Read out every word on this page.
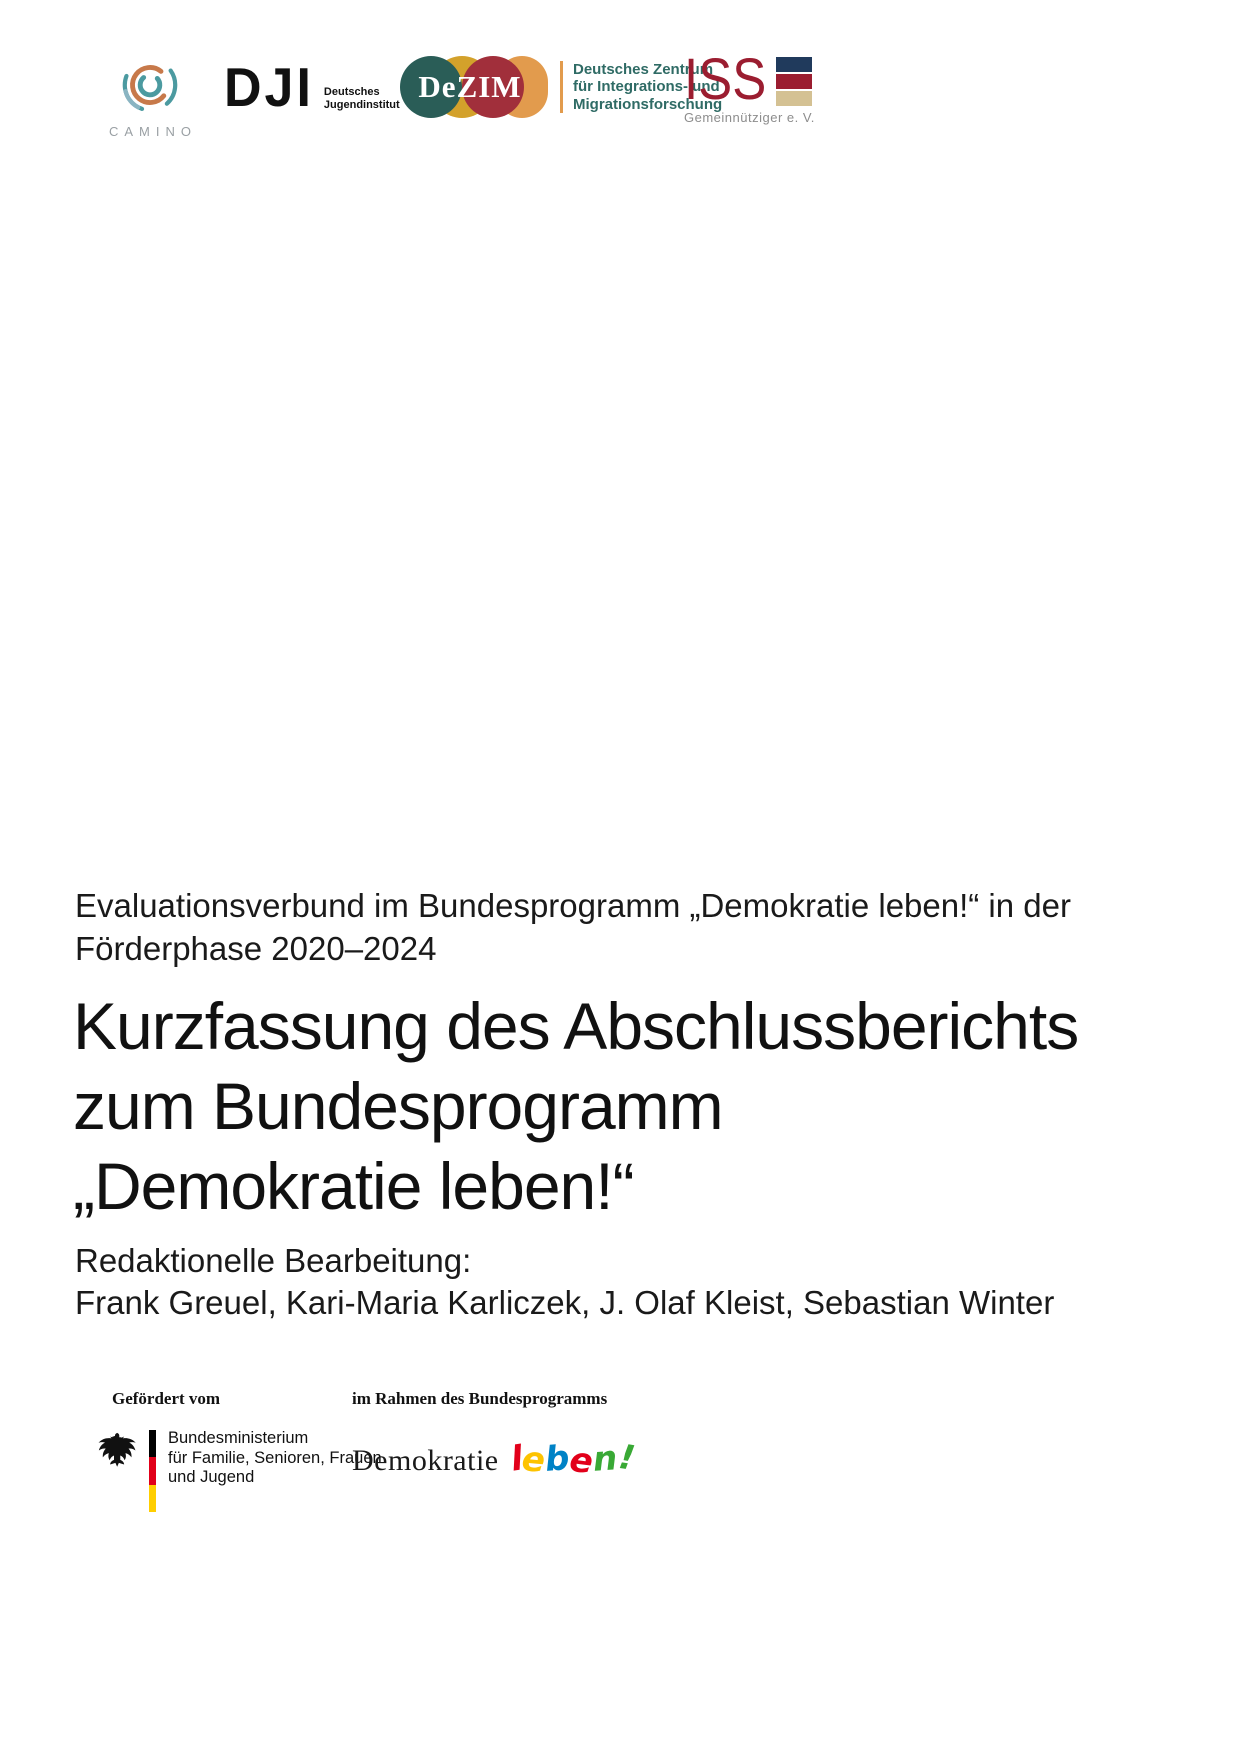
CAMINO
DJI Deutsches
Jugendinstitut
DeZIM	Deutsches Zentrum
für Integrations- und
Migrationsforschung
ISS
Gemeinnütziger e. V.

Evaluationsverbund im Bundesprogramm „Demokratie leben!“ in der
Förderphase 2020–2024

Kurzfassung des Abschlussberichts
zum Bundesprogramm
„Demokratie leben!“

Redaktionelle Bearbeitung:

Frank Greuel, Kari-Maria Karliczek, J. Olaf Kleist, Sebastian Winter

Gefördert vom	im Rahmen des Bundesprogramms
Bundesministerium
für Familie, Senioren, Frauen
und Jugend	Demokratie leben!
